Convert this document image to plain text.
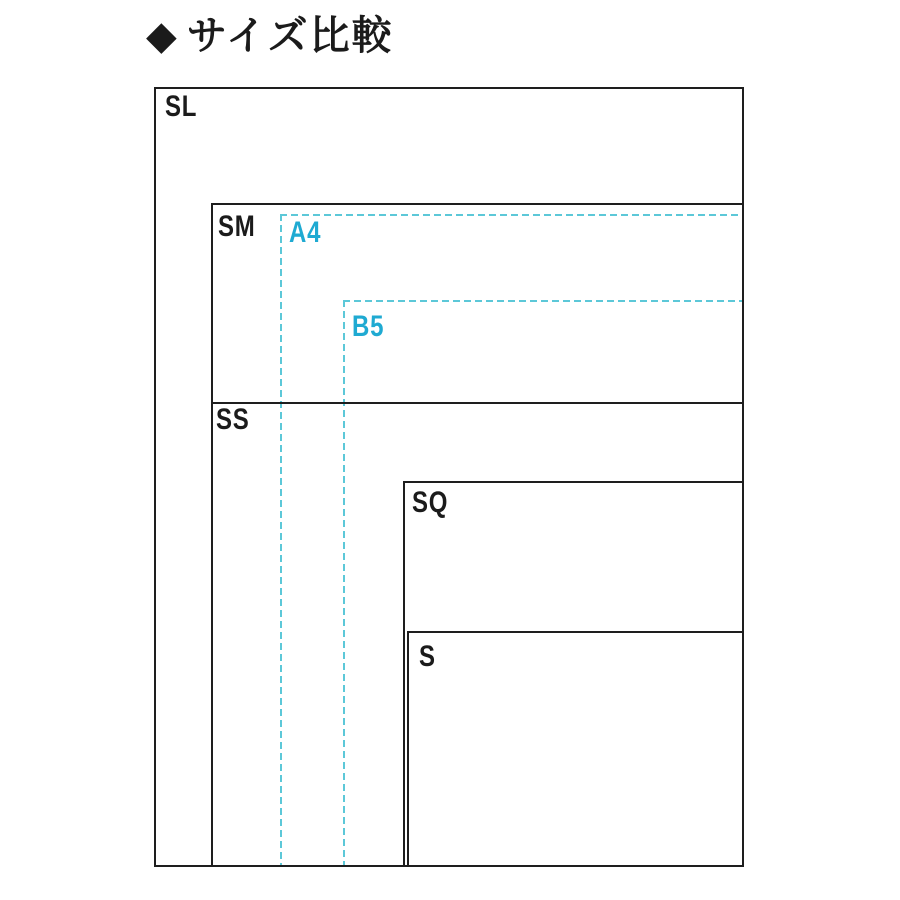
◆ サイズ比較
SL
SM A4
B5
SS
SQ
S
